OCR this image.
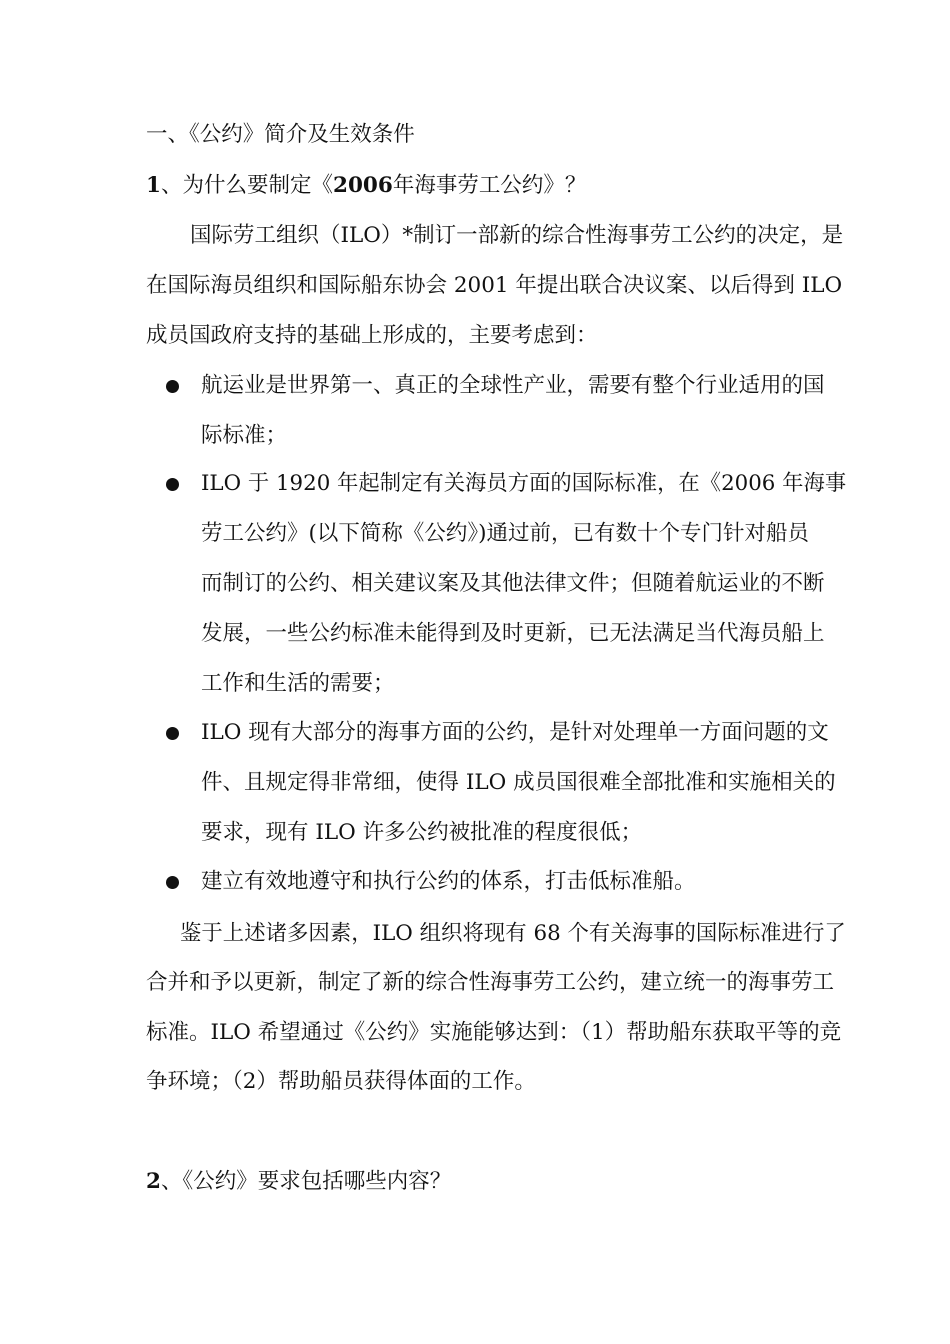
一、《公约》简介及生效条件
1、为什么要制定《2006年海事劳工公约》？
国际劳工组织（ILO）*制订一部新的综合性海事劳工公约的决定，是
在国际海员组织和国际船东协会 2001 年提出联合决议案、以后得到 ILO
成员国政府支持的基础上形成的，主要考虑到：
航运业是世界第一、真正的全球性产业，需要有整个行业适用的国
际标准；
ILO 于 1920 年起制定有关海员方面的国际标准，在《2006 年海事
劳工公约》(以下简称《公约》)通过前，已有数十个专门针对船员
而制订的公约、相关建议案及其他法律文件；但随着航运业的不断
发展，一些公约标准未能得到及时更新，已无法满足当代海员船上
工作和生活的需要；
ILO 现有大部分的海事方面的公约，是针对处理单一方面问题的文
件、且规定得非常细，使得 ILO 成员国很难全部批准和实施相关的
要求，现有 ILO 许多公约被批准的程度很低；
建立有效地遵守和执行公约的体系，打击低标准船。
鉴于上述诸多因素，ILO 组织将现有 68 个有关海事的国际标准进行了
合并和予以更新，制定了新的综合性海事劳工公约，建立统一的海事劳工
标准。ILO 希望通过《公约》实施能够达到：（1）帮助船东获取平等的竞
争环境；（2）帮助船员获得体面的工作。
2、《公约》要求包括哪些内容？
